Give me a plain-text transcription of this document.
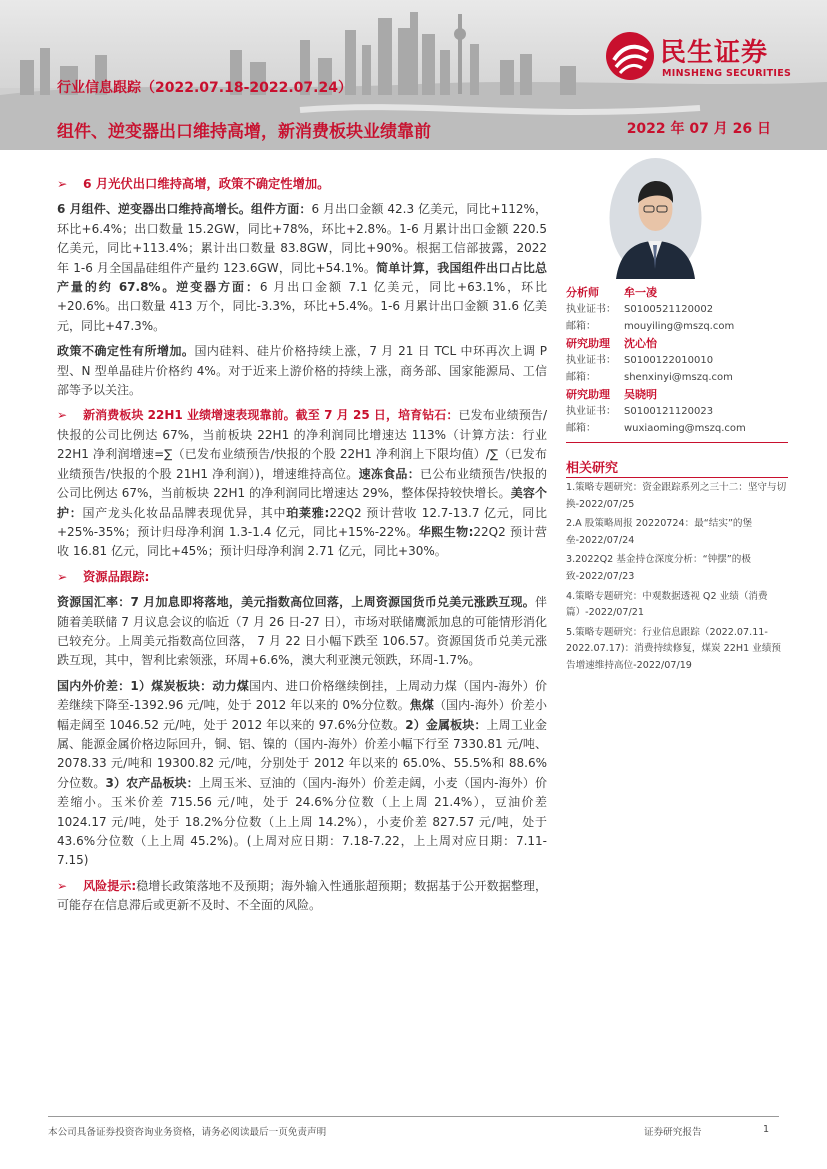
民生证券
MINSHENG SECURITIES
行业信息跟踪（2022.07.18-2022.07.24）
组件、逆变器出口维持高增，新消费板块业绩靠前	2022 年 07 月 26 日

➢ 6 月光伏出口维持高增，政策不确定性增加。

6 月组件、逆变器出口维持高增长。组件方面：6 月出口金额 42.3 亿美元，同比+112%，环比+6.4%；出口数量 15.2GW，同比+78%，环比+2.8%。1-6 月累计出口金额 220.5 亿美元，同比+113.4%；累计出口数量 83.8GW，同比+90%。根据工信部披露，2022 年 1-6 月全国晶硅组件产量约 123.6GW，同比+54.1%。简单计算，我国组件出口占比总产量的约 67.8%。逆变器方面：6 月出口金额 7.1 亿美元，同比+63.1%，环比+20.6%。出口数量 413 万个，同比-3.3%，环比+5.4%。1-6 月累计出口金额 31.6 亿美元，同比+47.3%。

政策不确定性有所增加。国内硅料、硅片价格持续上涨，7 月 21 日 TCL 中环再次上调 P 型、N 型单晶硅片价格约 4%。对于近来上游价格的持续上涨，商务部、国家能源局、工信部等予以关注。

➢ 新消费板块 22H1 业绩增速表现靠前。截至 7 月 25 日，培育钻石：已发布业绩预告/快报的公司比例达 67%，当前板块 22H1 的净利润同比增速达 113%（计算方法：行业 22H1 净利润增速=∑（已发布业绩预告/快报的个股 22H1 净利润上下限均值）/∑（已发布业绩预告/快报的个股 21H1 净利润）)，增速维持高位。速冻食品：已公布业绩预告/快报的公司比例达 67%，当前板块 22H1 的净利润同比增速达 29%，整体保持较快增长。美容个护：国产龙头化妆品品牌表现优异，其中珀莱雅:22Q2 预计营收 12.7-13.7 亿元，同比+25%-35%；预计归母净利润 1.3-1.4 亿元，同比+15%-22%。华熙生物:22Q2 预计营收 16.81 亿元，同比+45%；预计归母净利润 2.71 亿元，同比+30%。

➢ 资源品跟踪:

资源国汇率：7 月加息即将落地，美元指数高位回落，上周资源国货币兑美元涨跌互现。伴随着美联储 7 月议息会议的临近（7 月 26 日-27 日），市场对联储鹰派加息的可能情形消化已较充分。上周美元指数高位回落， 7 月 22 日小幅下跌至 106.57。资源国货币兑美元涨跌互现，其中，智利比索领涨，环周+6.6%，澳大利亚澳元领跌，环周-1.7%。

国内外价差：1）煤炭板块：动力煤国内、进口价格继续倒挂，上周动力煤（国内-海外）价差继续下降至-1392.96 元/吨，处于 2012 年以来的 0%分位数。焦煤（国内-海外）价差小幅走阔至 1046.52 元/吨，处于 2012 年以来的 97.6%分位数。2）金属板块：上周工业金属、能源金属价格边际回升，铜、铝、镍的（国内-海外）价差小幅下行至 7330.81 元/吨、2078.33 元/吨和 19300.82 元/吨，分别处于 2012 年以来的 65.0%、55.5%和 88.6%分位数。3）农产品板块：上周玉米、豆油的（国内-海外）价差走阔，小麦（国内-海外）价差缩小。玉米价差 715.56 元/吨，处于 24.6%分位数（上上周 21.4%），豆油价差 1024.17 元/吨，处于 18.2%分位数（上上周 14.2%），小麦价差 827.57 元/吨，处于 43.6%分位数（上上周 45.2%)。(上周对应日期：7.18-7.22，上上周对应日期：7.11-7.15)

➢ 风险提示:稳增长政策落地不及预期；海外输入性通胀超预期；数据基于公开数据整理，可能存在信息滞后或更新不及时、不全面的风险。

分析师 牟一凌
执业证书： S0100521120002
邮箱：	mouyiling@mszq.com
研究助理 沈心怡
执业证书： S0100122010010
邮箱：	shenxinyi@mszq.com
研究助理 吴晓明
执业证书： S0100121120023
邮箱：	wuxiaoming@mszq.com
相关研究
1.策略专题研究：资金跟踪系列之三十二：坚守与切换-2022/07/25
2.A 股策略周报 20220724：最“结实”的堡垒-2022/07/24
3.2022Q2 基金持仓深度分析：“钟摆”的极致-2022/07/23
4.策略专题研究：中观数据透视 Q2 业绩（消费篇）-2022/07/21
5.策略专题研究：行业信息跟踪（2022.07.11-2022.07.17)：消费持续修复，煤炭 22H1 业绩预告增速维持高位-2022/07/19
本公司具备证券投资咨询业务资格，请务必阅读最后一页免责声明	证券研究报告	1
